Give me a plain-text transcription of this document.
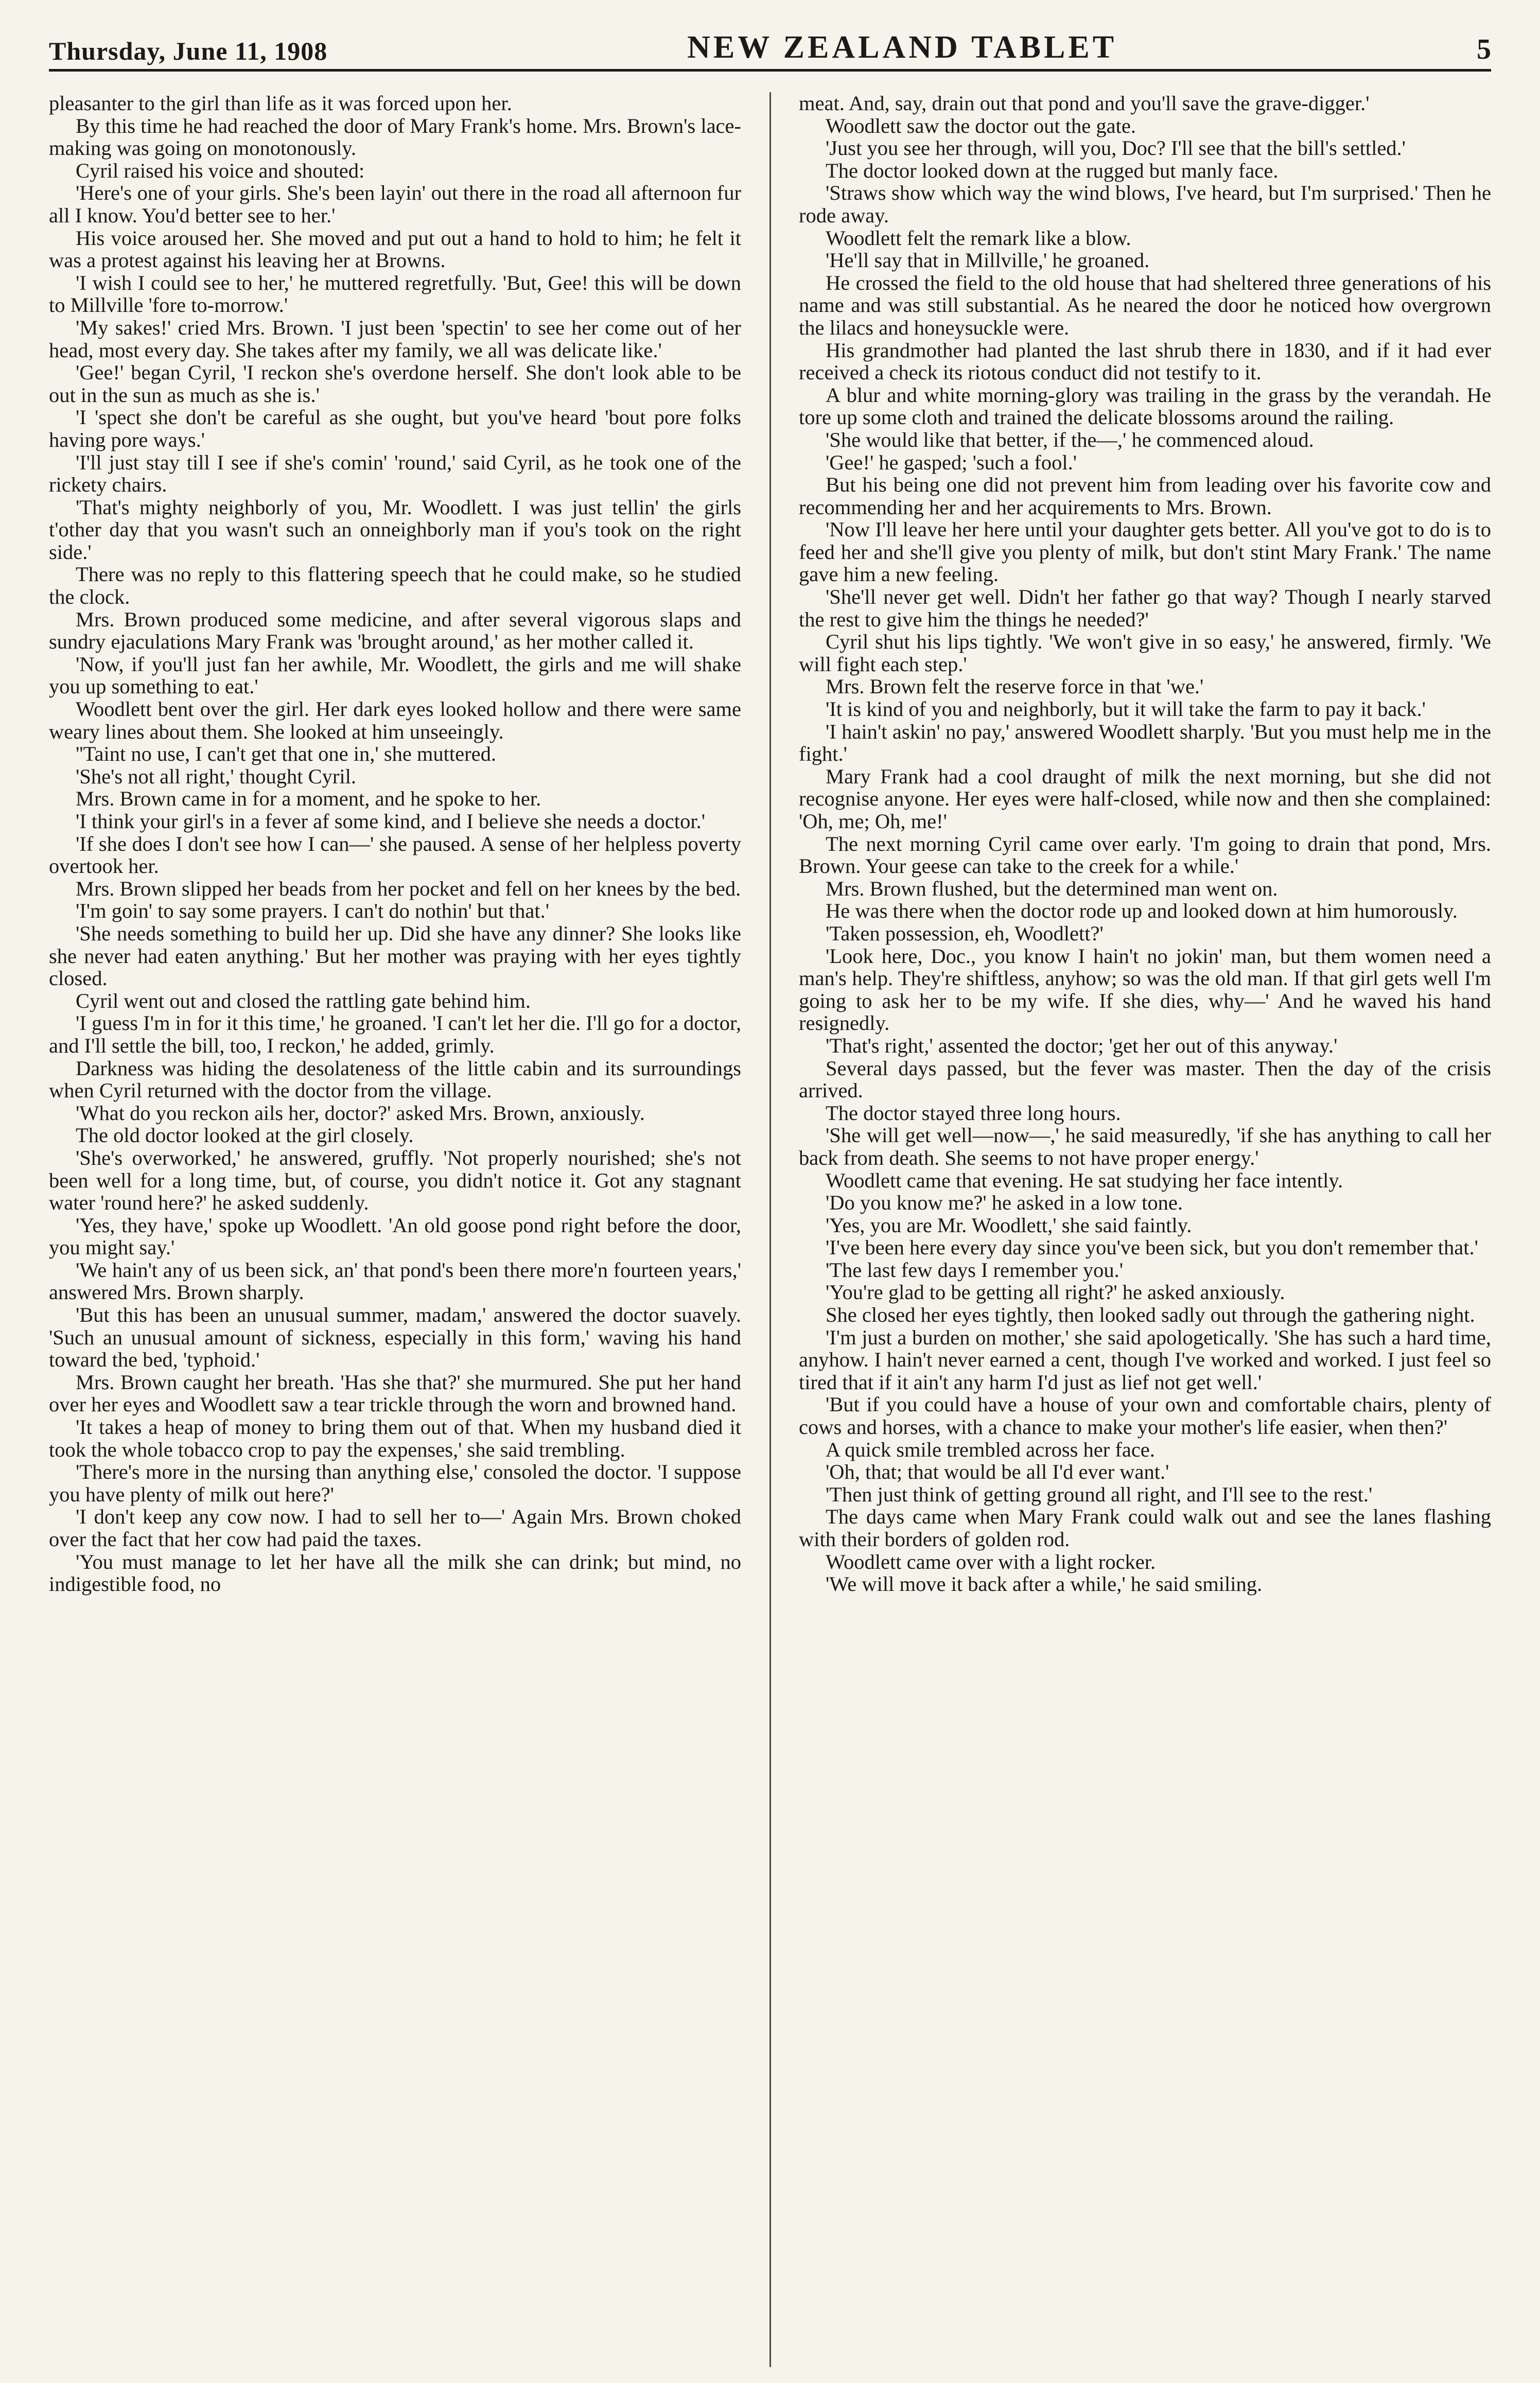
Thursday, June 11, 1908	NEW ZEALAND TABLET	5

pleasanter to the girl than life as it was forced upon her.

By this time he had reached the door of Mary Frank's home. Mrs. Brown's lace-making was going on monotonously.

Cyril raised his voice and shouted:

'Here's one of your girls. She's been layin' out there in the road all afternoon fur all I know. You'd better see to her.'

His voice aroused her. She moved and put out a hand to hold to him; he felt it was a protest against his leaving her at Browns.

'I wish I could see to her,' he muttered regretfully. 'But, Gee! this will be down to Millville 'fore to-morrow.'

'My sakes!' cried Mrs. Brown. 'I just been 'spectin' to see her come out of her head, most every day. She takes after my family, we all was delicate like.'

'Gee!' began Cyril, 'I reckon she's overdone herself. She don't look able to be out in the sun as much as she is.'

'I 'spect she don't be careful as she ought, but you've heard 'bout pore folks having pore ways.'

'I'll just stay till I see if she's comin' 'round,' said Cyril, as he took one of the rickety chairs.

'That's mighty neighborly of you, Mr. Woodlett. I was just tellin' the girls t'other day that you wasn't such an onneighborly man if you's took on the right side.'

There was no reply to this flattering speech that he could make, so he studied the clock.

Mrs. Brown produced some medicine, and after several vigorous slaps and sundry ejaculations Mary Frank was 'brought around,' as her mother called it.

'Now, if you'll just fan her awhile, Mr. Woodlett, the girls and me will shake you up something to eat.'

Woodlett bent over the girl. Her dark eyes looked hollow and there were same weary lines about them. She looked at him unseeingly.

''Taint no use, I can't get that one in,' she muttered.

'She's not all right,' thought Cyril.

Mrs. Brown came in for a moment, and he spoke to her.

'I think your girl's in a fever af some kind, and I believe she needs a doctor.'

'If she does I don't see how I can—' she paused. A sense of her helpless poverty overtook her.

Mrs. Brown slipped her beads from her pocket and fell on her knees by the bed.

'I'm goin' to say some prayers. I can't do nothin' but that.'

'She needs something to build her up. Did she have any dinner? She looks like she never had eaten anything.' But her mother was praying with her eyes tightly closed.

Cyril went out and closed the rattling gate behind him.

'I guess I'm in for it this time,' he groaned. 'I can't let her die. I'll go for a doctor, and I'll settle the bill, too, I reckon,' he added, grimly.

Darkness was hiding the desolateness of the little cabin and its surroundings when Cyril returned with the doctor from the village.

'What do you reckon ails her, doctor?' asked Mrs. Brown, anxiously.

The old doctor looked at the girl closely.

'She's overworked,' he answered, gruffly. 'Not properly nourished; she's not been well for a long time, but, of course, you didn't notice it. Got any stagnant water 'round here?' he asked suddenly.

'Yes, they have,' spoke up Woodlett. 'An old goose pond right before the door, you might say.'

'We hain't any of us been sick, an' that pond's been there more'n fourteen years,' answered Mrs. Brown sharply.

'But this has been an unusual summer, madam,' answered the doctor suavely. 'Such an unusual amount of sickness, especially in this form,' waving his hand toward the bed, 'typhoid.'

Mrs. Brown caught her breath. 'Has she that?' she murmured. She put her hand over her eyes and Woodlett saw a tear trickle through the worn and browned hand.

'It takes a heap of money to bring them out of that. When my husband died it took the whole tobacco crop to pay the expenses,' she said trembling.

'There's more in the nursing than anything else,' consoled the doctor. 'I suppose you have plenty of milk out here?'

'I don't keep any cow now. I had to sell her to—' Again Mrs. Brown choked over the fact that her cow had paid the taxes.

'You must manage to let her have all the milk she can drink; but mind, no indigestible food, no

meat. And, say, drain out that pond and you'll save the grave-digger.'

Woodlett saw the doctor out the gate.

'Just you see her through, will you, Doc? I'll see that the bill's settled.'

The doctor looked down at the rugged but manly face.

'Straws show which way the wind blows, I've heard, but I'm surprised.' Then he rode away.

Woodlett felt the remark like a blow.

'He'll say that in Millville,' he groaned.

He crossed the field to the old house that had sheltered three generations of his name and was still substantial. As he neared the door he noticed how overgrown the lilacs and honeysuckle were.

His grandmother had planted the last shrub there in 1830, and if it had ever received a check its riotous conduct did not testify to it.

A blur and white morning-glory was trailing in the grass by the verandah. He tore up some cloth and trained the delicate blossoms around the railing.

'She would like that better, if the—,' he commenced aloud.

'Gee!' he gasped; 'such a fool.'

But his being one did not prevent him from leading over his favorite cow and recommending her and her acquirements to Mrs. Brown.

'Now I'll leave her here until your daughter gets better. All you've got to do is to feed her and she'll give you plenty of milk, but don't stint Mary Frank.' The name gave him a new feeling.

'She'll never get well. Didn't her father go that way? Though I nearly starved the rest to give him the things he needed?'

Cyril shut his lips tightly. 'We won't give in so easy,' he answered, firmly. 'We will fight each step.'

Mrs. Brown felt the reserve force in that 'we.'

'It is kind of you and neighborly, but it will take the farm to pay it back.'

'I hain't askin' no pay,' answered Woodlett sharply. 'But you must help me in the fight.'

Mary Frank had a cool draught of milk the next morning, but she did not recognise anyone. Her eyes were half-closed, while now and then she complained: 'Oh, me; Oh, me!'

The next morning Cyril came over early. 'I'm going to drain that pond, Mrs. Brown. Your geese can take to the creek for a while.'

Mrs. Brown flushed, but the determined man went on.

He was there when the doctor rode up and looked down at him humorously.

'Taken possession, eh, Woodlett?'

'Look here, Doc., you know I hain't no jokin' man, but them women need a man's help. They're shiftless, anyhow; so was the old man. If that girl gets well I'm going to ask her to be my wife. If she dies, why—' And he waved his hand resignedly.

'That's right,' assented the doctor; 'get her out of this anyway.'

Several days passed, but the fever was master. Then the day of the crisis arrived.

The doctor stayed three long hours.

'She will get well—now—,' he said measuredly, 'if she has anything to call her back from death. She seems to not have proper energy.'

Woodlett came that evening. He sat studying her face intently.

'Do you know me?' he asked in a low tone.

'Yes, you are Mr. Woodlett,' she said faintly.

'I've been here every day since you've been sick, but you don't remember that.'

'The last few days I remember you.'

'You're glad to be getting all right?' he asked anxiously.

She closed her eyes tightly, then looked sadly out through the gathering night.

'I'm just a burden on mother,' she said apologetically. 'She has such a hard time, anyhow. I hain't never earned a cent, though I've worked and worked. I just feel so tired that if it ain't any harm I'd just as lief not get well.'

'But if you could have a house of your own and comfortable chairs, plenty of cows and horses, with a chance to make your mother's life easier, when then?'

A quick smile trembled across her face.

'Oh, that; that would be all I'd ever want.'

'Then just think of getting ground all right, and I'll see to the rest.'

The days came when Mary Frank could walk out and see the lanes flashing with their borders of golden rod.

Woodlett came over with a light rocker.

'We will move it back after a while,' he said smiling.
